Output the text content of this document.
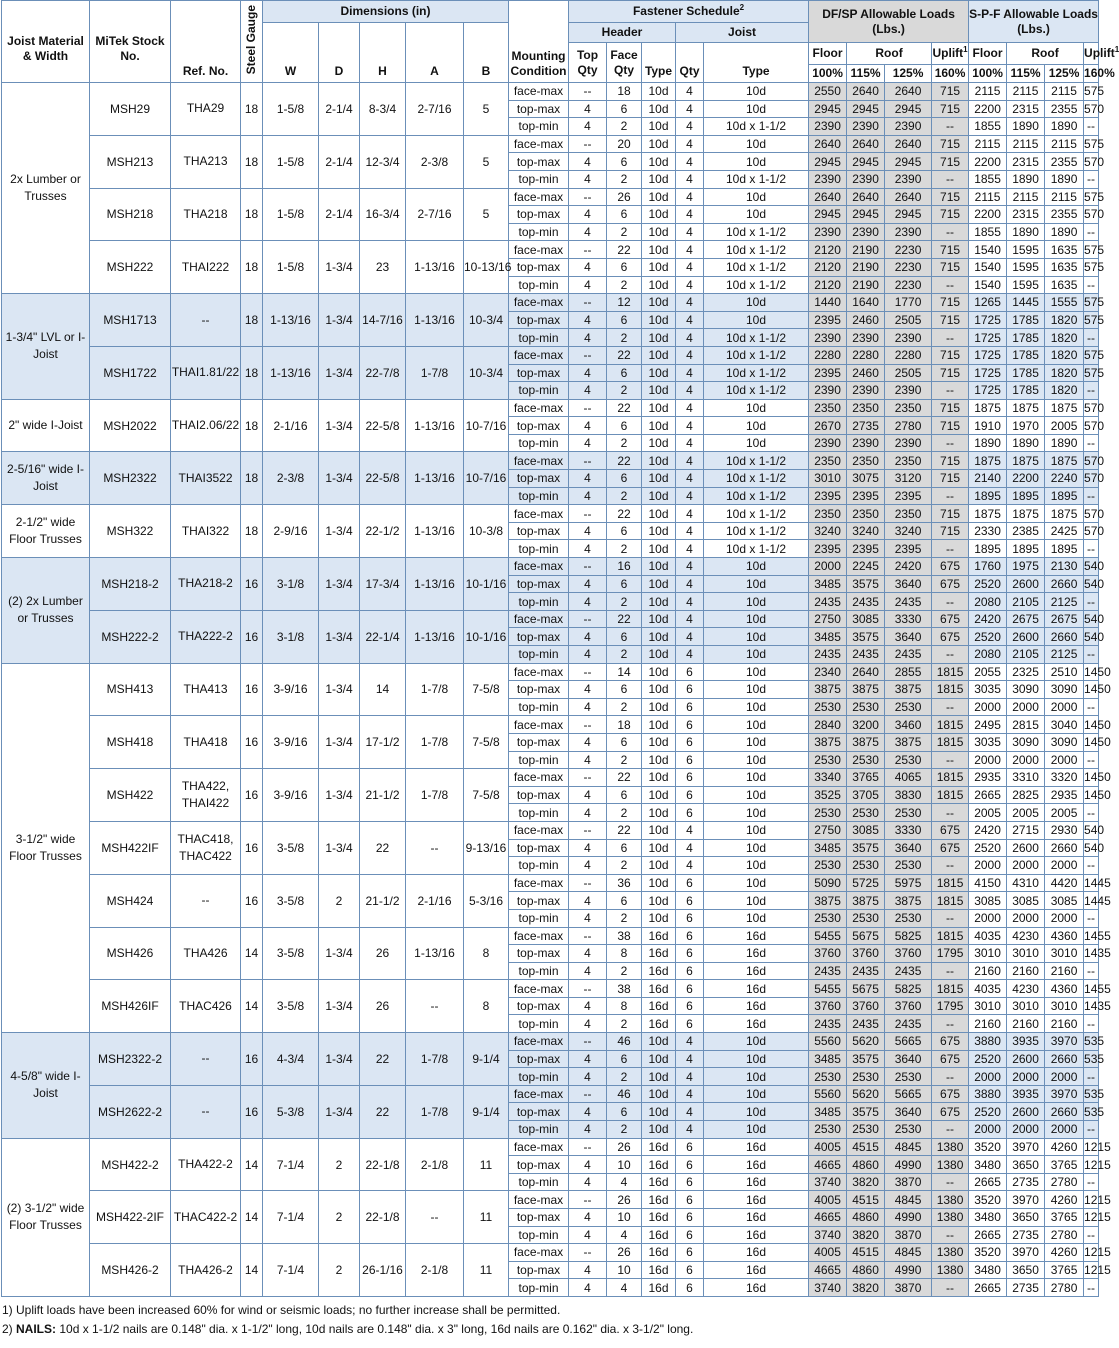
Joist Material & Width	MiTek Stock No.	Ref. No.	Steel Gauge	Dimensions (in)					Mounting Condition	Fastener Schedule$^2$					DF/SP Allowable Loads (Lbs.)				S-P-F Allowable Loads (Lbs.)			
				W	D	H	A	B		Header			Joist									
										Top Qty	Face Qty	Type	Qty	Type	Floor	Roof		Uplift$^1$	Floor	Roof		Uplift$^1$
															100%	115%	125%	160%	100%	115%	125%	160%
2x Lumber or Trusses	MSH29	THA29	18	1-5/8	2-1/4	8-3/4	2-7/16	5	face-max	--	18	10d	4	10d	2550	2640	2640	715	2115	2115	2115	575
									top-max	4	6	10d	4	10d	2945	2945	2945	715	2200	2315	2355	570
									top-min	4	2	10d	4	10d x 1-1/2	2390	2390	2390	--	1855	1890	1890	--
	MSH213	THA213	18	1-5/8	2-1/4	12-3/4	2-3/8	5	face-max	--	20	10d	4	10d	2640	2640	2640	715	2115	2115	2115	575
									top-max	4	6	10d	4	10d	2945	2945	2945	715	2200	2315	2355	570
									top-min	4	2	10d	4	10d x 1-1/2	2390	2390	2390	--	1855	1890	1890	--
	MSH218	THA218	18	1-5/8	2-1/4	16-3/4	2-7/16	5	face-max	--	26	10d	4	10d	2640	2640	2640	715	2115	2115	2115	575
									top-max	4	6	10d	4	10d	2945	2945	2945	715	2200	2315	2355	570
									top-min	4	2	10d	4	10d x 1-1/2	2390	2390	2390	--	1855	1890	1890	--
	MSH222	THAI222	18	1-5/8	1-3/4	23	1-13/16	10-13/16	face-max	--	22	10d	4	10d x 1-1/2	2120	2190	2230	715	1540	1595	1635	575
									top-max	4	6	10d	4	10d x 1-1/2	2120	2190	2230	715	1540	1595	1635	575
									top-min	4	2	10d	4	10d x 1-1/2	2120	2190	2230	--	1540	1595	1635	--
1-3/4" LVL or I-Joist	MSH1713	--	18	1-13/16	1-3/4	14-7/16	1-13/16	10-3/4	face-max	--	12	10d	4	10d	1440	1640	1770	715	1265	1445	1555	575
									top-max	4	6	10d	4	10d	2395	2460	2505	715	1725	1785	1820	575
									top-min	4	2	10d	4	10d x 1-1/2	2390	2390	2390	--	1725	1785	1820	--
	MSH1722	THAI1.81/22	18	1-13/16	1-3/4	22-7/8	1-7/8	10-3/4	face-max	--	22	10d	4	10d x 1-1/2	2280	2280	2280	715	1725	1785	1820	575
									top-max	4	6	10d	4	10d x 1-1/2	2395	2460	2505	715	1725	1785	1820	575
									top-min	4	2	10d	4	10d x 1-1/2	2390	2390	2390	--	1725	1785	1820	--
2" wide I-Joist	MSH2022	THAI2.06/22	18	2-1/16	1-3/4	22-5/8	1-13/16	10-7/16	face-max	--	22	10d	4	10d	2350	2350	2350	715	1875	1875	1875	570
									top-max	4	6	10d	4	10d	2670	2735	2780	715	1910	1970	2005	570
									top-min	4	2	10d	4	10d	2390	2390	2390	--	1890	1890	1890	--
2-5/16" wide I-Joist	MSH2322	THAI3522	18	2-3/8	1-3/4	22-5/8	1-13/16	10-7/16	face-max	--	22	10d	4	10d x 1-1/2	2350	2350	2350	715	1875	1875	1875	570
									top-max	4	6	10d	4	10d x 1-1/2	3010	3075	3120	715	2140	2200	2240	570
									top-min	4	2	10d	4	10d x 1-1/2	2395	2395	2395	--	1895	1895	1895	--
2-1/2" wide Floor Trusses	MSH322	THAI322	18	2-9/16	1-3/4	22-1/2	1-13/16	10-3/8	face-max	--	22	10d	4	10d x 1-1/2	2350	2350	2350	715	1875	1875	1875	570
									top-max	4	6	10d	4	10d x 1-1/2	3240	3240	3240	715	2330	2385	2425	570
									top-min	4	2	10d	4	10d x 1-1/2	2395	2395	2395	--	1895	1895	1895	--
(2) 2x Lumber or Trusses	MSH218-2	THA218-2	16	3-1/8	1-3/4	17-3/4	1-13/16	10-1/16	face-max	--	16	10d	4	10d	2000	2245	2420	675	1760	1975	2130	540
									top-max	4	6	10d	4	10d	3485	3575	3640	675	2520	2600	2660	540
									top-min	4	2	10d	4	10d	2435	2435	2435	--	2080	2105	2125	--
	MSH222-2	THA222-2	16	3-1/8	1-3/4	22-1/4	1-13/16	10-1/16	face-max	--	22	10d	4	10d	2750	3085	3330	675	2420	2675	2675	540
									top-max	4	6	10d	4	10d	3485	3575	3640	675	2520	2600	2660	540
									top-min	4	2	10d	4	10d	2435	2435	2435	--	2080	2105	2125	--
3-1/2" wide Floor Trusses	MSH413	THA413	16	3-9/16	1-3/4	14	1-7/8	7-5/8	face-max	--	14	10d	6	10d	2340	2640	2855	1815	2055	2325	2510	1450
									top-max	4	6	10d	6	10d	3875	3875	3875	1815	3035	3090	3090	1450
									top-min	4	2	10d	6	10d	2530	2530	2530	--	2000	2000	2000	--
	MSH418	THA418	16	3-9/16	1-3/4	17-1/2	1-7/8	7-5/8	face-max	--	18	10d	6	10d	2840	3200	3460	1815	2495	2815	3040	1450
									top-max	4	6	10d	6	10d	3875	3875	3875	1815	3035	3090	3090	1450
									top-min	4	2	10d	6	10d	2530	2530	2530	--	2000	2000	2000	--
	MSH422	THA422, THAI422	16	3-9/16	1-3/4	21-1/2	1-7/8	7-5/8	face-max	--	22	10d	6	10d	3340	3765	4065	1815	2935	3310	3320	1450
									top-max	4	6	10d	6	10d	3525	3705	3830	1815	2665	2825	2935	1450
									top-min	4	2	10d	6	10d	2530	2530	2530	--	2005	2005	2005	--
	MSH422IF	THAC418, THAC422	16	3-5/8	1-3/4	22	--	9-13/16	face-max	--	22	10d	4	10d	2750	3085	3330	675	2420	2715	2930	540
									top-max	4	6	10d	4	10d	3485	3575	3640	675	2520	2600	2660	540
									top-min	4	2	10d	4	10d	2530	2530	2530	--	2000	2000	2000	--
	MSH424	--	16	3-5/8	2	21-1/2	2-1/16	5-3/16	face-max	--	36	10d	6	10d	5090	5725	5975	1815	4150	4310	4420	1445
									top-max	4	6	10d	6	10d	3875	3875	3875	1815	3085	3085	3085	1445
									top-min	4	2	10d	6	10d	2530	2530	2530	--	2000	2000	2000	--
	MSH426	THA426	14	3-5/8	1-3/4	26	1-13/16	8	face-max	--	38	16d	6	16d	5455	5675	5825	1815	4035	4230	4360	1455
									top-max	4	8	16d	6	16d	3760	3760	3760	1795	3010	3010	3010	1435
									top-min	4	2	16d	6	16d	2435	2435	2435	--	2160	2160	2160	--
	MSH426IF	THAC426	14	3-5/8	1-3/4	26	--	8	face-max	--	38	16d	6	16d	5455	5675	5825	1815	4035	4230	4360	1455
									top-max	4	8	16d	6	16d	3760	3760	3760	1795	3010	3010	3010	1435
									top-min	4	2	16d	6	16d	2435	2435	2435	--	2160	2160	2160	--
4-5/8" wide I-Joist	MSH2322-2	--	16	4-3/4	1-3/4	22	1-7/8	9-1/4	face-max	--	46	10d	4	10d	5560	5620	5665	675	3880	3935	3970	535
									top-max	4	6	10d	4	10d	3485	3575	3640	675	2520	2600	2660	535
									top-min	4	2	10d	4	10d	2530	2530	2530	--	2000	2000	2000	--
	MSH2622-2	--	16	5-3/8	1-3/4	22	1-7/8	9-1/4	face-max	--	46	10d	4	10d	5560	5620	5665	675	3880	3935	3970	535
									top-max	4	6	10d	4	10d	3485	3575	3640	675	2520	2600	2660	535
									top-min	4	2	10d	4	10d	2530	2530	2530	--	2000	2000	2000	--
(2) 3-1/2" wide Floor Trusses	MSH422-2	THA422-2	14	7-1/4	2	22-1/8	2-1/8	11	face-max	--	26	16d	6	16d	4005	4515	4845	1380	3520	3970	4260	1215
									top-max	4	10	16d	6	16d	4665	4860	4990	1380	3480	3650	3765	1215
									top-min	4	4	16d	6	16d	3740	3820	3870	--	2665	2735	2780	--
	MSH422-2IF	THAC422-2	14	7-1/4	2	22-1/8	--	11	face-max	--	26	16d	6	16d	4005	4515	4845	1380	3520	3970	4260	1215
									top-max	4	10	16d	6	16d	4665	4860	4990	1380	3480	3650	3765	1215
									top-min	4	4	16d	6	16d	3740	3820	3870	--	2665	2735	2780	--
	MSH426-2	THA426-2	14	7-1/4	2	26-1/16	2-1/8	11	face-max	--	26	16d	6	16d	4005	4515	4845	1380	3520	3970	4260	1215
									top-max	4	10	16d	6	16d	4665	4860	4990	1380	3480	3650	3765	1215
									top-min	4	4	16d	6	16d	3740	3820	3870	--	2665	2735	2780	--
1) Uplift loads have been increased 60% for wind or seismic loads; no further increase shall be permitted.
2) NAILS: 10d x 1-1/2 nails are 0.148" dia. x 1-1/2" long, 10d nails are 0.148" dia. x 3" long, 16d nails are 0.162" dia. x 3-1/2" long.
